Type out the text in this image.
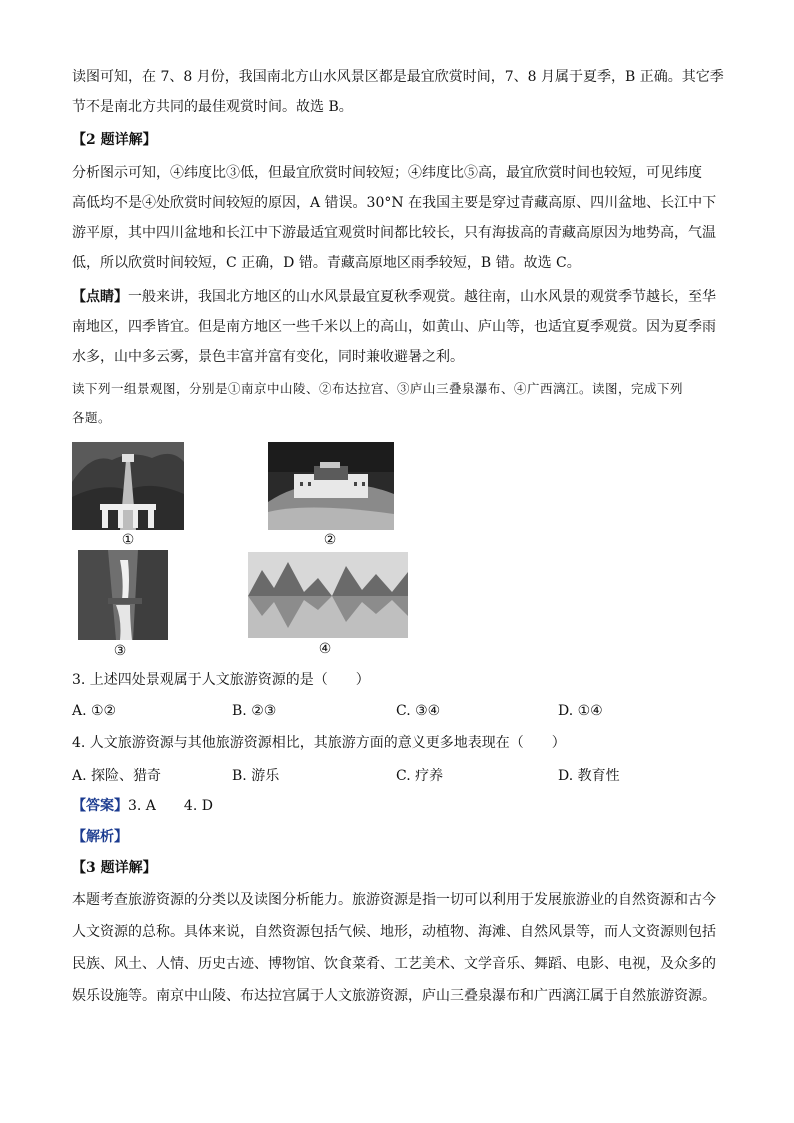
读图可知，在 7、8 月份，我国南北方山水风景区都是最宜欣赏时间，7、8 月属于夏季，B 正确。其它季

节不是南北方共同的最佳观赏时间。故选 B。

【2 题详解】

分析图示可知，④纬度比③低，但最宜欣赏时间较短；④纬度比⑤高，最宜欣赏时间也较短，可见纬度

高低均不是④处欣赏时间较短的原因，A 错误。30°N 在我国主要是穿过青藏高原、四川盆地、长江中下

游平原，其中四川盆地和长江中下游最适宜观赏时间都比较长，只有海拔高的青藏高原因为地势高，气温

低，所以欣赏时间较短，C 正确，D 错。青藏高原地区雨季较短，B 错。故选 C。

【点睛】一般来讲，我国北方地区的山水风景最宜夏秋季观赏。越往南，山水风景的观赏季节越长，至华

南地区，四季皆宜。但是南方地区一些千米以上的高山，如黄山、庐山等，也适宜夏季观赏。因为夏季雨

水多，山中多云雾，景色丰富并富有变化，同时兼收避暑之利。

读下列一组景观图，分别是①南京中山陵、②布达拉宫、③庐山三叠泉瀑布、④广西漓江。读图，完成下列

各题。

①	②
③	④

3. 上述四处景观属于人文旅游资源的是（　　）

A. ①②	B. ②③	C. ③④	D. ①④

4. 人文旅游资源与其他旅游资源相比，其旅游方面的意义更多地表现在（　　）

A. 探险、猎奇	B. 游乐	C. 疗养	D. 教育性

【答案】3. A　　4. D

【解析】

【3 题详解】

本题考查旅游资源的分类以及读图分析能力。旅游资源是指一切可以利用于发展旅游业的自然资源和古今

人文资源的总称。具体来说，自然资源包括气候、地形，动植物、海滩、自然风景等，而人文资源则包括

民族、风土、人情、历史古迹、博物馆、饮食菜肴、工艺美术、文学音乐、舞蹈、电影、电视，及众多的

娱乐设施等。南京中山陵、布达拉宫属于人文旅游资源，庐山三叠泉瀑布和广西漓江属于自然旅游资源。
